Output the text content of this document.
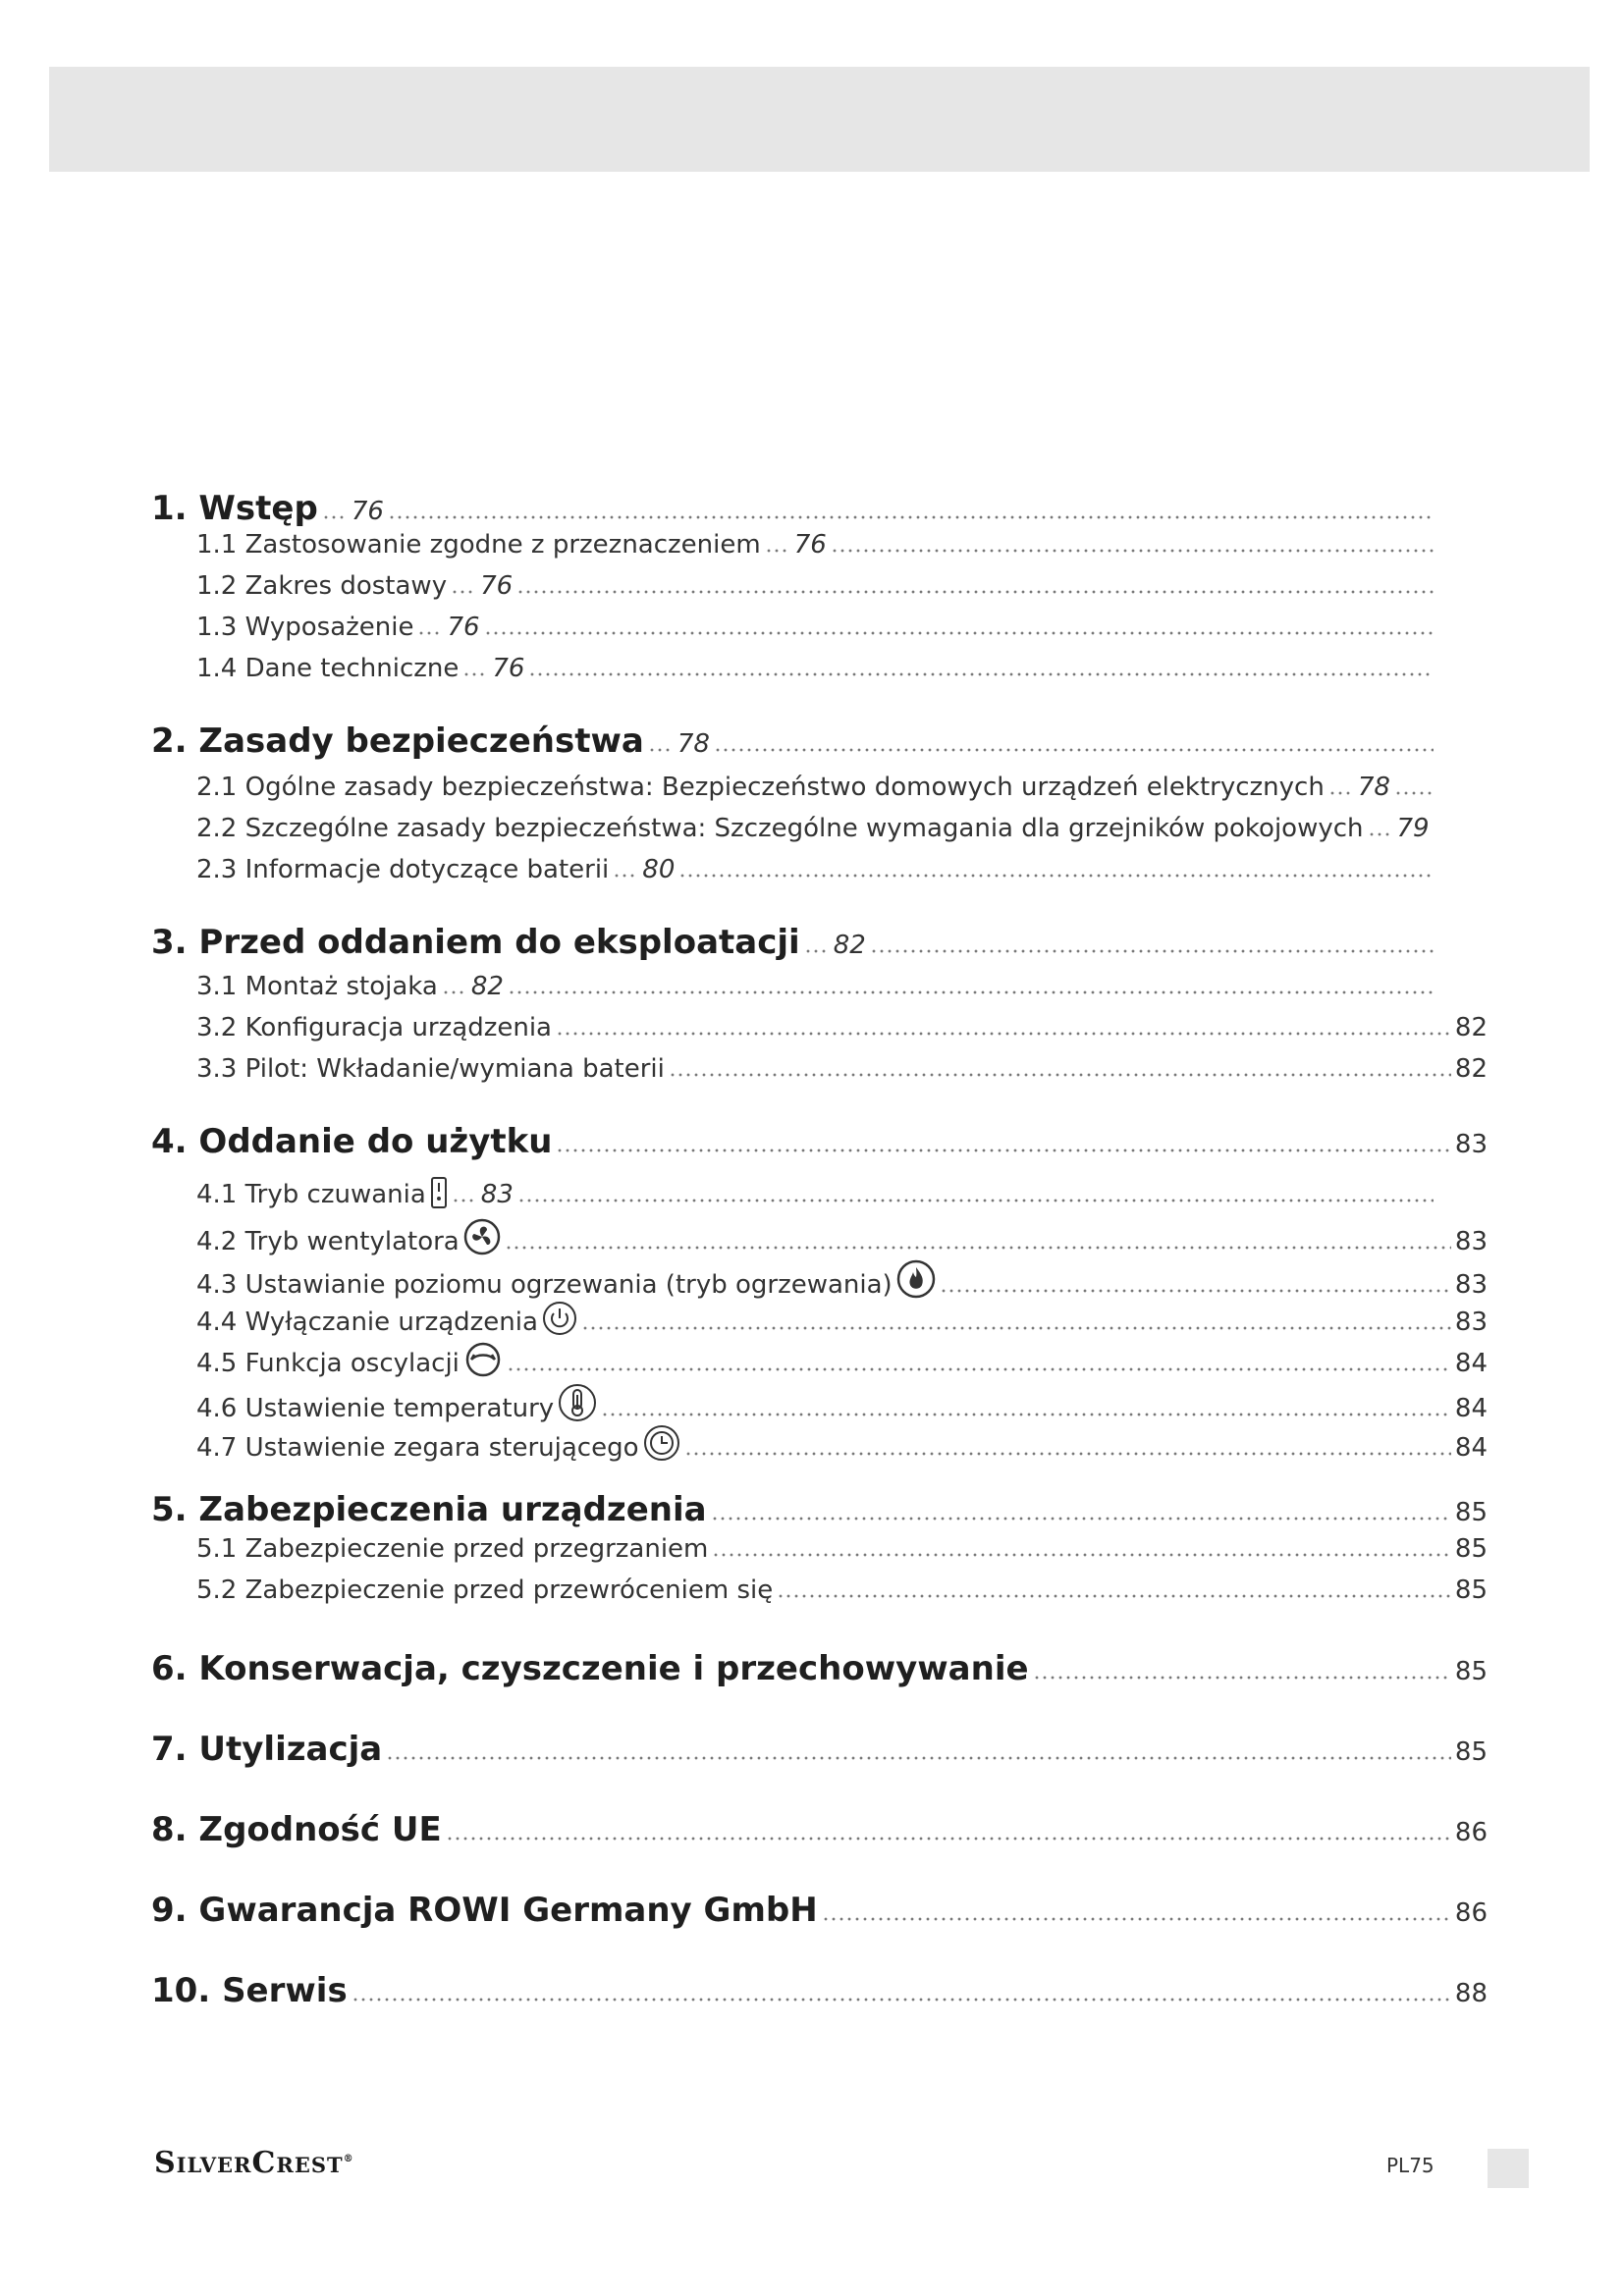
1. Wstęp 76
1.1 Zastosowanie zgodne z przeznaczeniem 76
1.2 Zakres dostawy 76
1.3 Wyposażenie 76
1.4 Dane techniczne 76
2. Zasady bezpieczeństwa 78
2.1 Ogólne zasady bezpieczeństwa: Bezpieczeństwo domowych urządzeń elektrycznych 78
2.2 Szczególne zasady bezpieczeństwa: Szczególne wymagania dla grzejników pokojowych 79
2.3 Informacje dotyczące baterii 80
3. Przed oddaniem do eksploatacji 82
3.1 Montaż stojaka 82
3.2 Konfiguracja urządzenia	82
3.3 Pilot: Wkładanie/wymiana baterii	82
4. Oddanie do użytku	83
4.1 Tryb czuwania 83
4.2 Tryb wentylatora	83
4.3 Ustawianie poziomu ogrzewania (tryb ogrzewania)	83
4.4 Wyłączanie urządzenia	83
4.5 Funkcja oscylacji	84
4.6 Ustawienie temperatury	84
4.7 Ustawienie zegara sterującego	84
5. Zabezpieczenia urządzenia	85
5.1 Zabezpieczenie przed przegrzaniem	85
5.2 Zabezpieczenie przed przewróceniem się	85
6. Konserwacja, czyszczenie i przechowywanie	85
7. Utylizacja	85
8. Zgodność UE	86
9. Gwarancja ROWI Germany GmbH	86
10. Serwis	88
SilverCrest®	PL75
